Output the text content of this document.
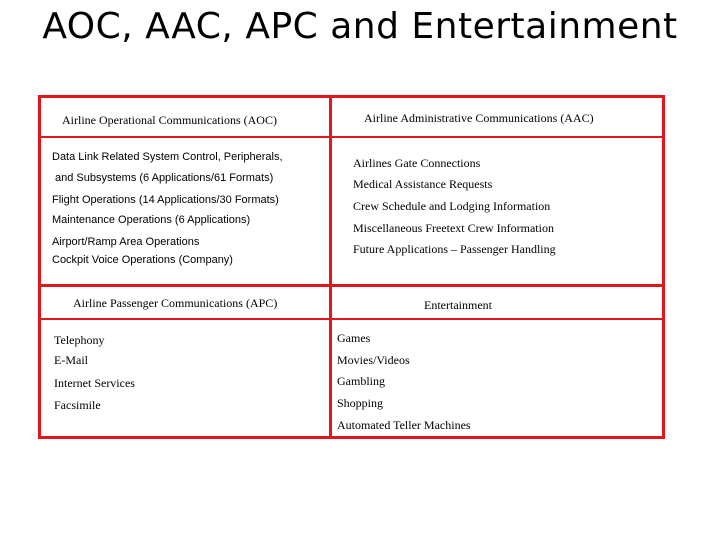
AOC, AAC, APC and Entertainment

Airline Operational Communications (AOC)

Data Link Related System Control, Peripherals,

and Subsystems (6 Applications/61 Formats)

Flight Operations (14 Applications/30 Formats)

Maintenance Operations (6 Applications)

Airport/Ramp Area Operations

Cockpit Voice Operations (Company)

Airline Administrative Communications (AAC)

Airlines Gate Connections

Medical Assistance Requests

Crew Schedule and Lodging Information

Miscellaneous Freetext Crew Information

Future Applications – Passenger Handling

Airline Passenger Communications (APC)

Telephony

E-Mail

Internet Services

Facsimile

Entertainment

Games

Movies/Videos

Gambling

Shopping

Automated Teller Machines
